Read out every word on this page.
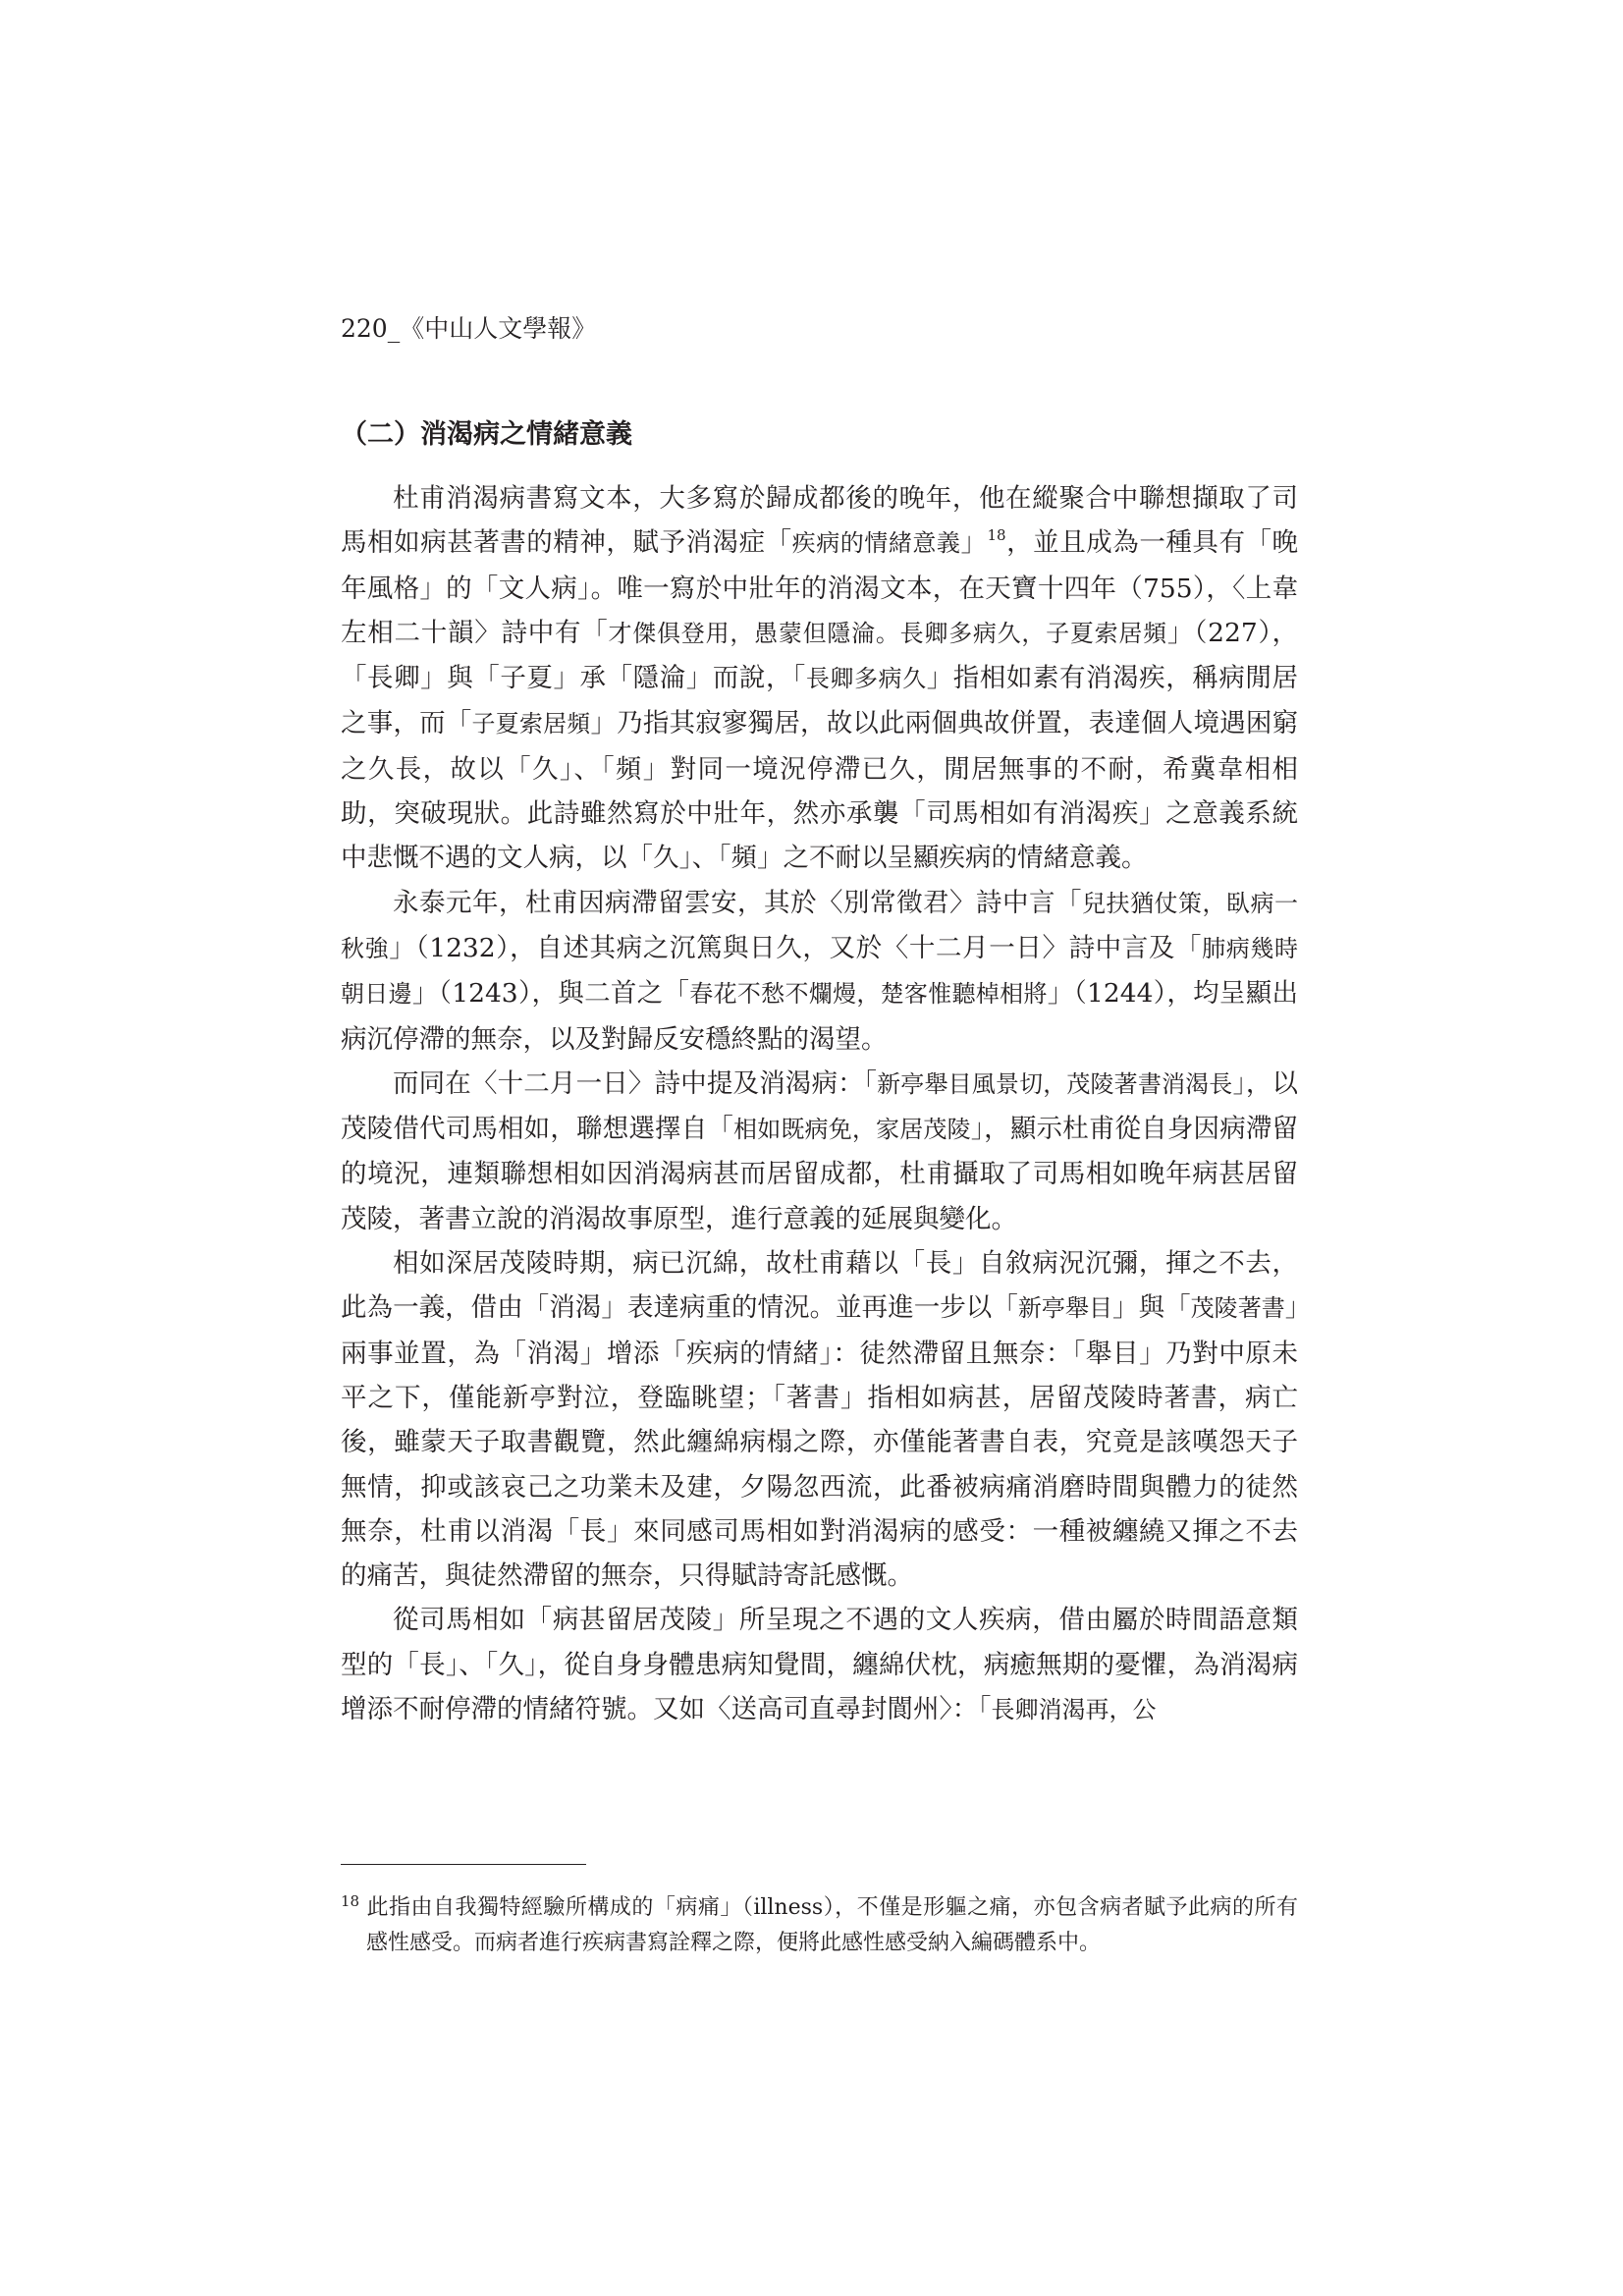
220_《中山人文學報》
（二）消渴病之情緒意義

杜甫消渴病書寫文本，大多寫於歸成都後的晚年，他在縱聚合中聯想擷取了司馬相如病甚著書的精神，賦予消渴症「疾病的情緒意義」$^{18}$，並且成為一種具有「晚年風格」的「文人病」。唯一寫於中壯年的消渴文本，在天寶十四年（755），〈上韋左相二十韻〉詩中有「才傑俱登用，愚蒙但隱淪。長卿多病久，子夏索居頻」（227），「長卿」與「子夏」承「隱淪」而說，「長卿多病久」指相如素有消渴疾，稱病閒居之事，而「子夏索居頻」乃指其寂寥獨居，故以此兩個典故併置，表達個人境遇困窮之久長，故以「久」、「頻」對同一境況停滯已久，閒居無事的不耐，希冀韋相相助，突破現狀。此詩雖然寫於中壯年，然亦承襲「司馬相如有消渴疾」之意義系統中悲慨不遇的文人病，以「久」、「頻」之不耐以呈顯疾病的情緒意義。

永泰元年，杜甫因病滯留雲安，其於〈別常徵君〉詩中言「兒扶猶仗策，臥病一秋強」（1232），自述其病之沉篤與日久，又於〈十二月一日〉詩中言及「肺病幾時朝日邊」（1243），與二首之「春花不愁不爛熳，楚客惟聽棹相將」（1244），均呈顯出病沉停滯的無奈，以及對歸反安穩終點的渴望。

而同在〈十二月一日〉詩中提及消渴病：「新亭舉目風景切，茂陵著書消渴長」，以茂陵借代司馬相如，聯想選擇自「相如既病免，家居茂陵」，顯示杜甫從自身因病滯留的境況，連類聯想相如因消渴病甚而居留成都，杜甫攝取了司馬相如晚年病甚居留茂陵，著書立說的消渴故事原型，進行意義的延展與變化。

相如深居茂陵時期，病已沉綿，故杜甫藉以「長」自敘病況沉彌，揮之不去，此為一義，借由「消渴」表達病重的情況。並再進一步以「新亭舉目」與「茂陵著書」兩事並置，為「消渴」增添「疾病的情緒」：徒然滯留且無奈：「舉目」乃對中原未平之下，僅能新亭對泣，登臨眺望；「著書」指相如病甚，居留茂陵時著書，病亡後，雖蒙天子取書觀覽，然此纏綿病榻之際，亦僅能著書自表，究竟是該嘆怨天子無情，抑或該哀己之功業未及建，夕陽忽西流，此番被病痛消磨時間與體力的徒然無奈，杜甫以消渴「長」來同感司馬相如對消渴病的感受：一種被纏繞又揮之不去的痛苦，與徒然滯留的無奈，只得賦詩寄託感慨。

從司馬相如「病甚留居茂陵」所呈現之不遇的文人疾病，借由屬於時間語意類型的「長」、「久」，從自身身體患病知覺間，纏綿伏枕，病癒無期的憂懼，為消渴病增添不耐停滯的情緒符號。又如〈送高司直尋封閬州〉：「長卿消渴再，公

18 此指由自我獨特經驗所構成的「病痛」（illness），不僅是形軀之痛，亦包含病者賦予此病的所有感性感受。而病者進行疾病書寫詮釋之際，便將此感性感受納入編碼體系中。
